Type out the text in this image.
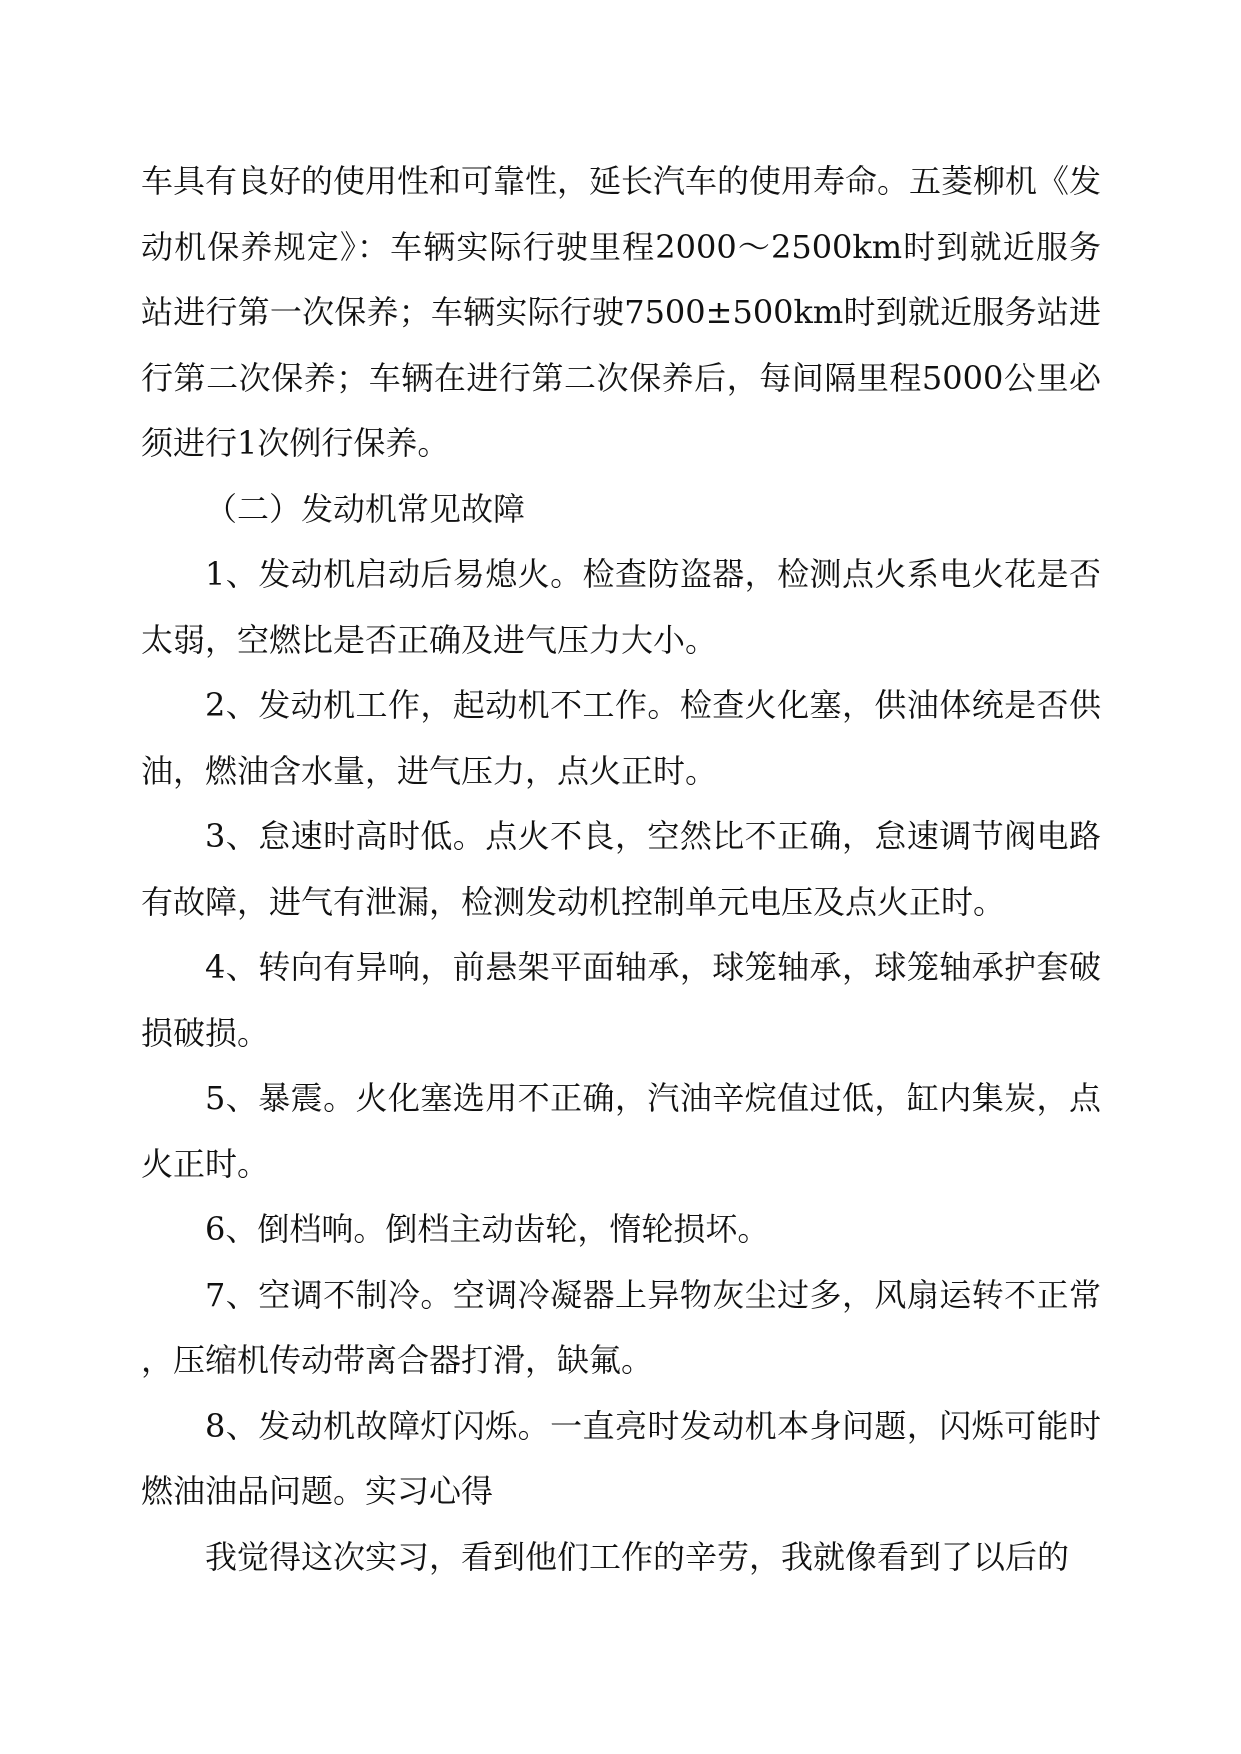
车具有良好的使用性和可靠性，延长汽车的使用寿命。五菱柳机《发动机保养规定》：车辆实际行驶里程2000～2500km时到就近服务站进行第一次保养；车辆实际行驶7500±500km时到就近服务站进行第二次保养；车辆在进行第二次保养后，每间隔里程5000公里必须进行1次例行保养。

（二）发动机常见故障

1、发动机启动后易熄火。检查防盗器，检测点火系电火花是否太弱，空燃比是否正确及进气压力大小。

2、发动机工作，起动机不工作。检查火化塞，供油体统是否供油，燃油含水量，进气压力，点火正时。

3、怠速时高时低。点火不良，空然比不正确，怠速调节阀电路有故障，进气有泄漏，检测发动机控制单元电压及点火正时。

4、转向有异响，前悬架平面轴承，球笼轴承，球笼轴承护套破损破损。

5、暴震。火化塞选用不正确，汽油辛烷值过低，缸内集炭，点火正时。

6、倒档响。倒档主动齿轮，惰轮损坏。

7、空调不制冷。空调冷凝器上异物灰尘过多，风扇运转不正常，压缩机传动带离合器打滑，缺氟。

8、发动机故障灯闪烁。一直亮时发动机本身问题，闪烁可能时燃油油品问题。实习心得

我觉得这次实习，看到他们工作的辛劳，我就像看到了以后的
